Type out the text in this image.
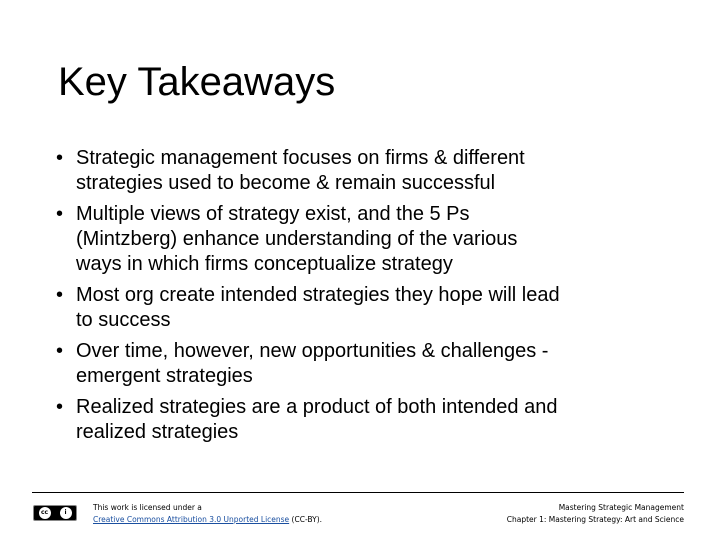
Key Takeaways
• Strategic management focuses on firms & different
strategies used to become & remain successful
• Multiple views of strategy exist, and the 5 Ps
(Mintzberg) enhance understanding of the various
ways in which firms conceptualize strategy
• Most org create intended strategies they hope will lead
to success
• Over time, however, new opportunities & challenges -
emergent strategies
• Realized strategies are a product of both intended and
realized strategies
cc	i
This work is licensed under a
Creative Commons Attribution 3.0 Unported License (CC-BY).
Mastering Strategic Management
Chapter 1: Mastering Strategy: Art and Science
